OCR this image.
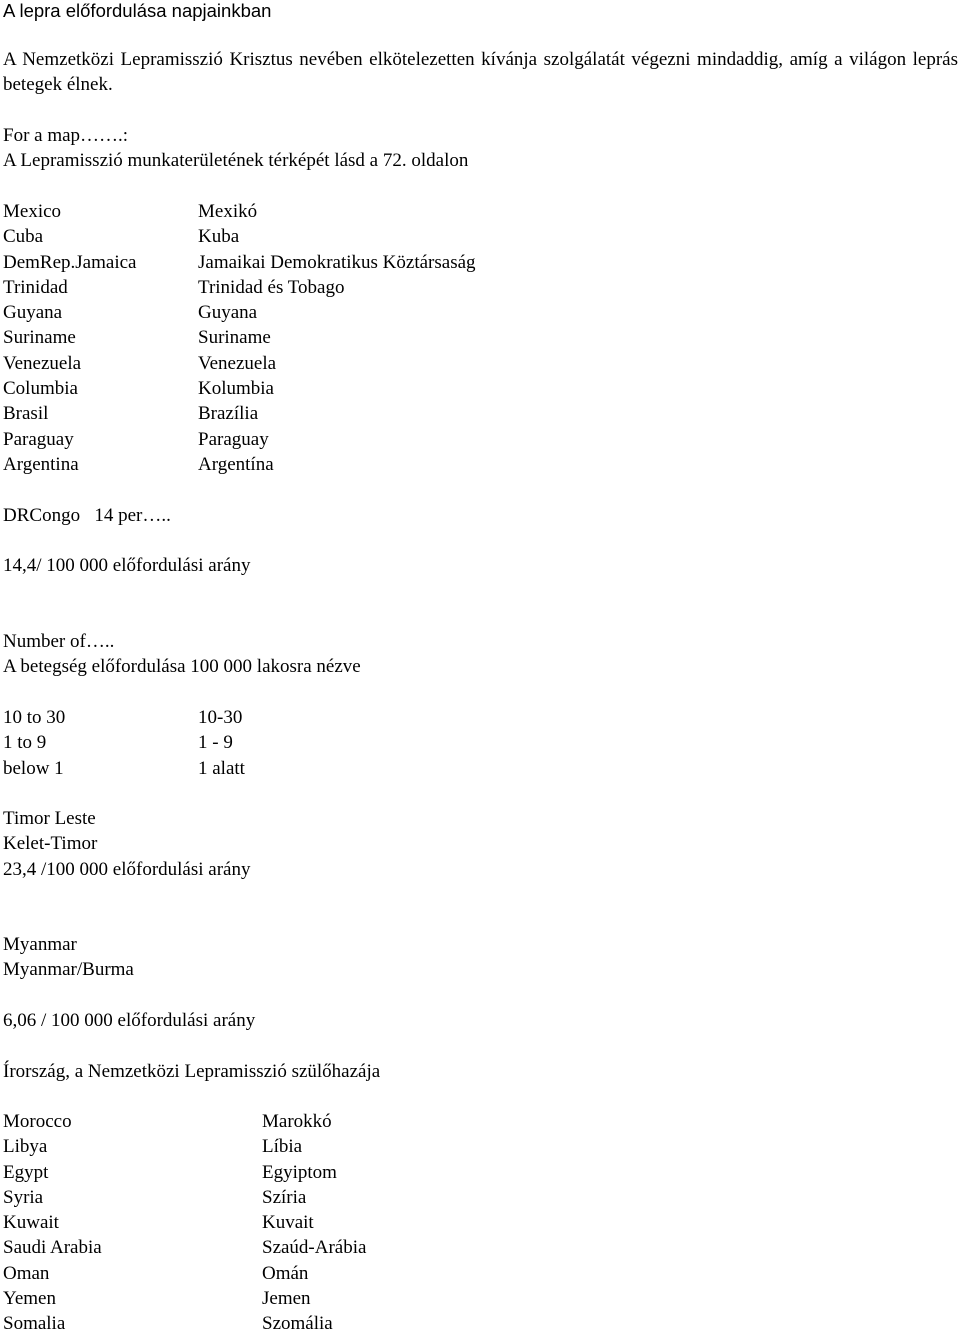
A lepra előfordulása napjainkban
A Nemzetközi Lepramisszió Krisztus nevében elkötelezetten kívánja szolgálatát végezni mindaddig, amíg a világon leprás betegek élnek.
For a map…….:
A Lepramisszió munkaterületének térképét lásd a 72. oldalon
Mexico	Mexikó
Cuba	Kuba
DemRep.Jamaica	Jamaikai Demokratikus Köztársaság
Trinidad	Trinidad és Tobago
Guyana	Guyana
Suriname	Suriname
Venezuela	Venezuela
Columbia	Kolumbia
Brasil	Brazília
Paraguay	Paraguay
Argentina	Argentína
DRCongo   14 per…..
14,4/ 100 000 előfordulási arány
Number of…..
A betegség előfordulása 100 000 lakosra nézve
10 to 30	10-30
1 to 9	1 - 9
below 1	1 alatt
Timor Leste
Kelet-Timor
23,4 /100 000 előfordulási arány
Myanmar
Myanmar/Burma
6,06 / 100 000 előfordulási arány
Írország, a Nemzetközi Lepramisszió szülőhazája
Morocco	Marokkó
Libya	Líbia
Egypt	Egyiptom
Syria	Szíria
Kuwait	Kuvait
Saudi Arabia	Szaúd-Arábia
Oman	Omán
Yemen	Jemen
Somalia	Szomália
